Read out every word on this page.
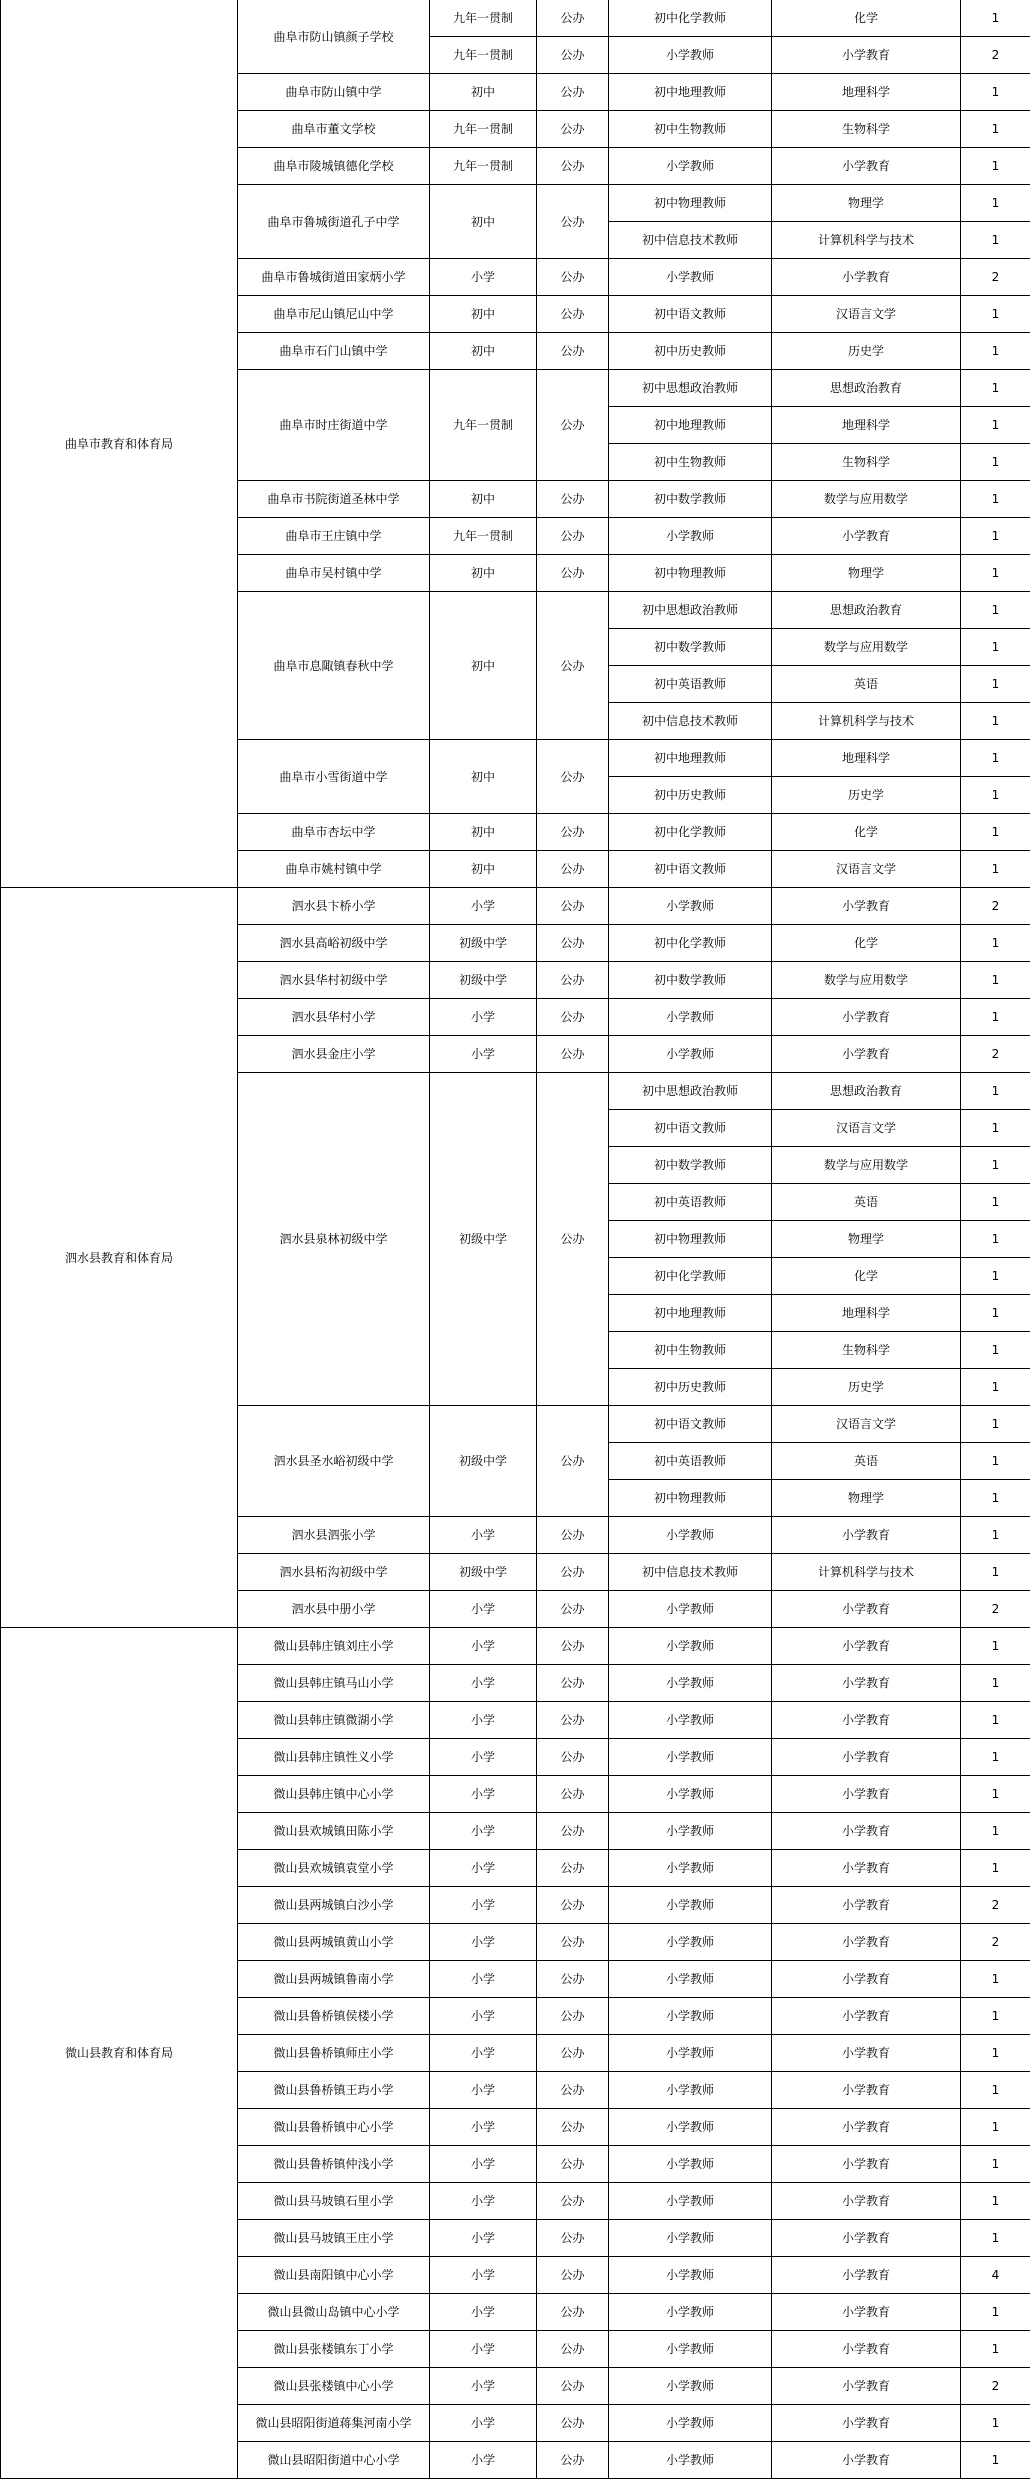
曲阜市教育和体育局	曲阜市防山镇颜子学校	九年一贯制	公办	初中化学教师	化学	1
		九年一贯制	公办	小学教师	小学教育	2
	曲阜市防山镇中学	初中	公办	初中地理教师	地理科学	1
	曲阜市董文学校	九年一贯制	公办	初中生物教师	生物科学	1
	曲阜市陵城镇德化学校	九年一贯制	公办	小学教师	小学教育	1
	曲阜市鲁城街道孔子中学	初中	公办	初中物理教师	物理学	1
				初中信息技术教师	计算机科学与技术	1
	曲阜市鲁城街道田家炳小学	小学	公办	小学教师	小学教育	2
	曲阜市尼山镇尼山中学	初中	公办	初中语文教师	汉语言文学	1
	曲阜市石门山镇中学	初中	公办	初中历史教师	历史学	1
	曲阜市时庄街道中学	九年一贯制	公办	初中思想政治教师	思想政治教育	1
				初中地理教师	地理科学	1
				初中生物教师	生物科学	1
	曲阜市书院街道圣林中学	初中	公办	初中数学教师	数学与应用数学	1
	曲阜市王庄镇中学	九年一贯制	公办	小学教师	小学教育	1
	曲阜市吴村镇中学	初中	公办	初中物理教师	物理学	1
	曲阜市息陬镇春秋中学	初中	公办	初中思想政治教师	思想政治教育	1
				初中数学教师	数学与应用数学	1
				初中英语教师	英语	1
				初中信息技术教师	计算机科学与技术	1
	曲阜市小雪街道中学	初中	公办	初中地理教师	地理科学	1
				初中历史教师	历史学	1
	曲阜市杏坛中学	初中	公办	初中化学教师	化学	1
	曲阜市姚村镇中学	初中	公办	初中语文教师	汉语言文学	1
泗水县教育和体育局	泗水县卞桥小学	小学	公办	小学教师	小学教育	2
	泗水县高峪初级中学	初级中学	公办	初中化学教师	化学	1
	泗水县华村初级中学	初级中学	公办	初中数学教师	数学与应用数学	1
	泗水县华村小学	小学	公办	小学教师	小学教育	1
	泗水县金庄小学	小学	公办	小学教师	小学教育	2
	泗水县泉林初级中学	初级中学	公办	初中思想政治教师	思想政治教育	1
				初中语文教师	汉语言文学	1
				初中数学教师	数学与应用数学	1
				初中英语教师	英语	1
				初中物理教师	物理学	1
				初中化学教师	化学	1
				初中地理教师	地理科学	1
				初中生物教师	生物科学	1
				初中历史教师	历史学	1
	泗水县圣水峪初级中学	初级中学	公办	初中语文教师	汉语言文学	1
				初中英语教师	英语	1
				初中物理教师	物理学	1
	泗水县泗张小学	小学	公办	小学教师	小学教育	1
	泗水县柘沟初级中学	初级中学	公办	初中信息技术教师	计算机科学与技术	1
	泗水县中册小学	小学	公办	小学教师	小学教育	2
微山县教育和体育局	微山县韩庄镇刘庄小学	小学	公办	小学教师	小学教育	1
	微山县韩庄镇马山小学	小学	公办	小学教师	小学教育	1
	微山县韩庄镇微湖小学	小学	公办	小学教师	小学教育	1
	微山县韩庄镇性义小学	小学	公办	小学教师	小学教育	1
	微山县韩庄镇中心小学	小学	公办	小学教师	小学教育	1
	微山县欢城镇田陈小学	小学	公办	小学教师	小学教育	1
	微山县欢城镇袁堂小学	小学	公办	小学教师	小学教育	1
	微山县两城镇白沙小学	小学	公办	小学教师	小学教育	2
	微山县两城镇黄山小学	小学	公办	小学教师	小学教育	2
	微山县两城镇鲁南小学	小学	公办	小学教师	小学教育	1
	微山县鲁桥镇侯楼小学	小学	公办	小学教师	小学教育	1
	微山县鲁桥镇师庄小学	小学	公办	小学教师	小学教育	1
	微山县鲁桥镇王玙小学	小学	公办	小学教师	小学教育	1
	微山县鲁桥镇中心小学	小学	公办	小学教师	小学教育	1
	微山县鲁桥镇仲浅小学	小学	公办	小学教师	小学教育	1
	微山县马坡镇石里小学	小学	公办	小学教师	小学教育	1
	微山县马坡镇王庄小学	小学	公办	小学教师	小学教育	1
	微山县南阳镇中心小学	小学	公办	小学教师	小学教育	4
	微山县微山岛镇中心小学	小学	公办	小学教师	小学教育	1
	微山县张楼镇东丁小学	小学	公办	小学教师	小学教育	1
	微山县张楼镇中心小学	小学	公办	小学教师	小学教育	2
	微山县昭阳街道蒋集河南小学	小学	公办	小学教师	小学教育	1
	微山县昭阳街道中心小学	小学	公办	小学教师	小学教育	1
